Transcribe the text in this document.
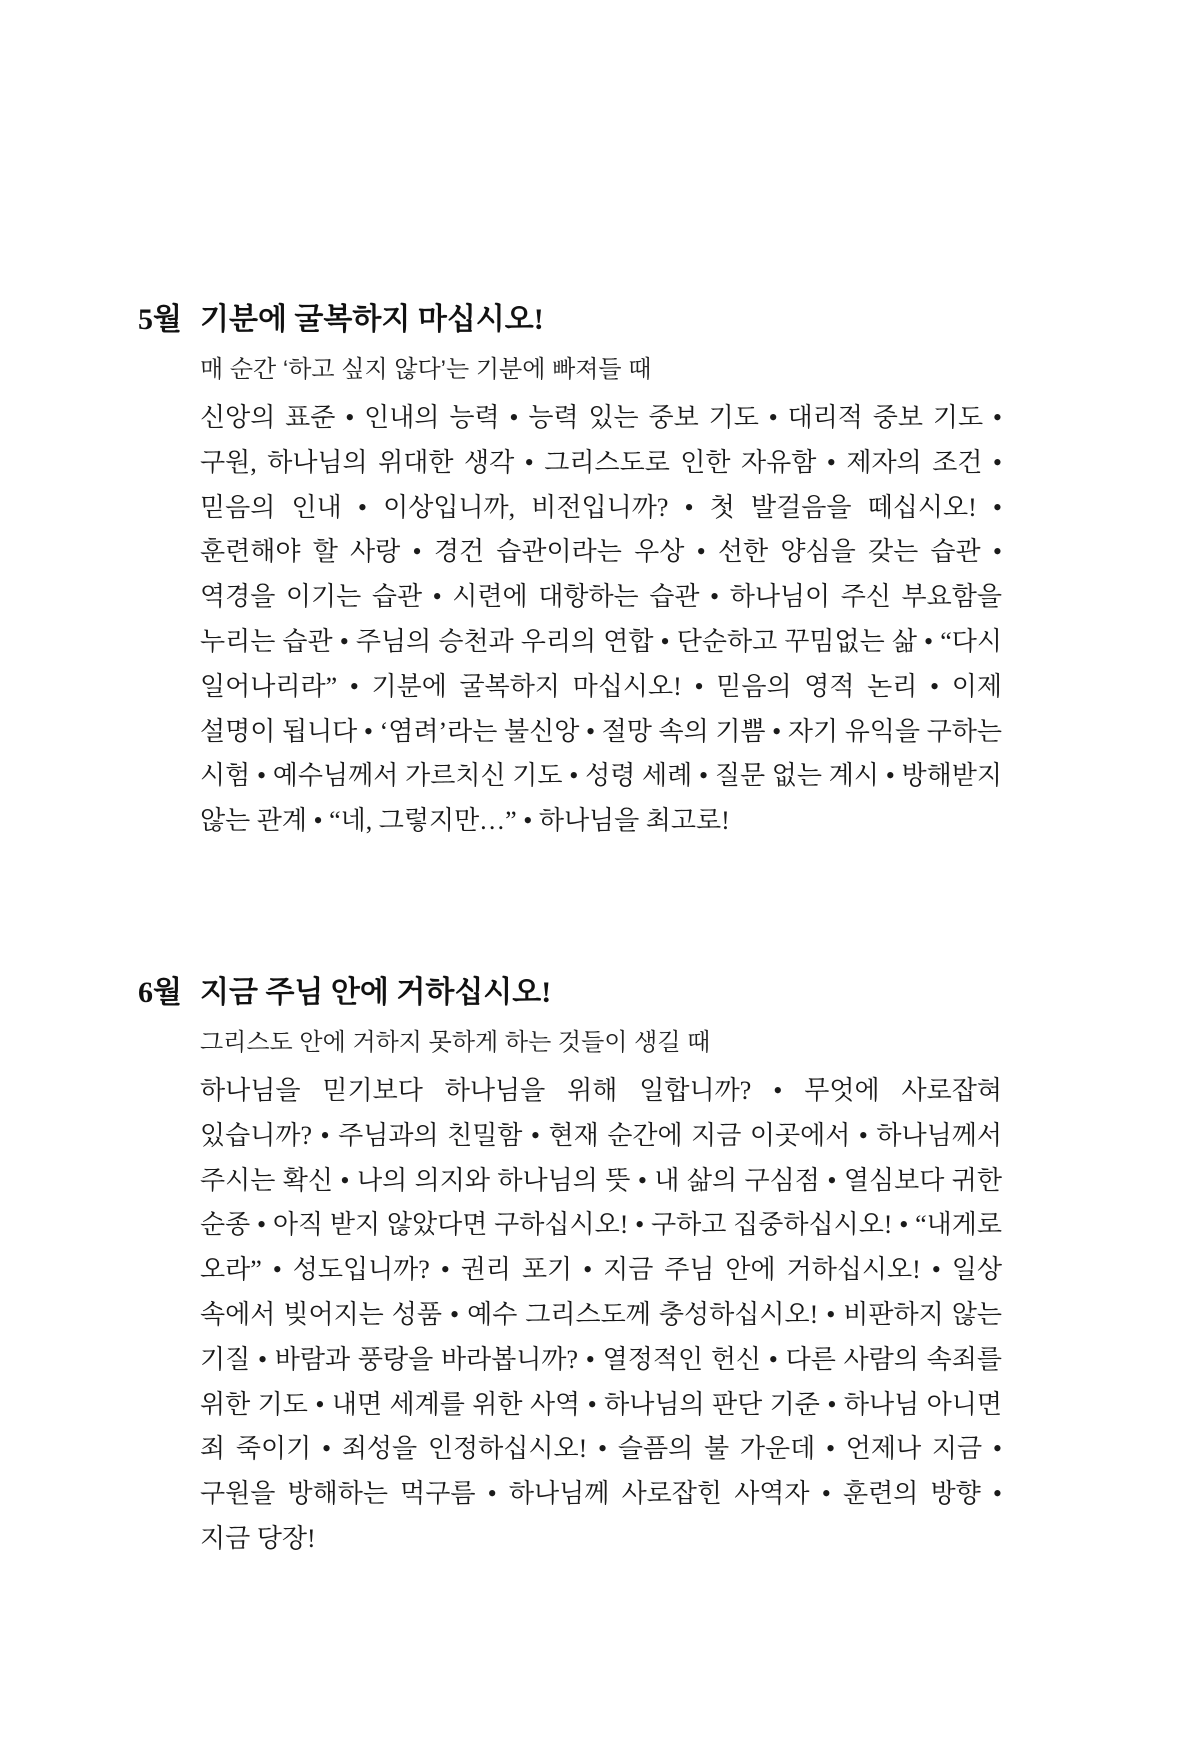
5월 기분에 굴복하지 마십시오!
매 순간 ‘하고 싶지 않다’는 기분에 빠져들 때

신앙의 표준 • 인내의 능력 • 능력 있는 중보 기도 • 대리적 중보 기도 • 구원, 하나님의 위대한 생각 • 그리스도로 인한 자유함 • 제자의 조건 • 믿음의 인내 • 이상입니까, 비전입니까? • 첫 발걸음을 떼십시오! • 훈련해야 할 사랑 • 경건 습관이라는 우상 • 선한 양심을 갖는 습관 • 역경을 이기는 습관 • 시련에 대항하는 습관 • 하나님이 주신 부요함을 누리는 습관 • 주님의 승천과 우리의 연합 • 단순하고 꾸밈없는 삶 • “다시 일어나리라” • 기분에 굴복하지 마십시오! • 믿음의 영적 논리 • 이제 설명이 됩니다 • ‘염려’라는 불신앙 • 절망 속의 기쁨 • 자기 유익을 구하는 시험 • 예수님께서 가르치신 기도 • 성령 세례 • 질문 없는 계시 • 방해받지 않는 관계 • “네, 그렇지만…” • 하나님을 최고로!

6월 지금 주님 안에 거하십시오!
그리스도 안에 거하지 못하게 하는 것들이 생길 때

하나님을 믿기보다 하나님을 위해 일합니까? • 무엇에 사로잡혀 있습니까? • 주님과의 친밀함 • 현재 순간에 지금 이곳에서 • 하나님께서 주시는 확신 • 나의 의지와 하나님의 뜻 • 내 삶의 구심점 • 열심보다 귀한 순종 • 아직 받지 않았다면 구하십시오! • 구하고 집중하십시오! • “내게로 오라” • 성도입니까? • 권리 포기 • 지금 주님 안에 거하십시오! • 일상 속에서 빚어지는 성품 • 예수 그리스도께 충성하십시오! • 비판하지 않는 기질 • 바람과 풍랑을 바라봅니까? • 열정적인 헌신 • 다른 사람의 속죄를 위한 기도 • 내면 세계를 위한 사역 • 하나님의 판단 기준 • 하나님 아니면 죄 죽이기 • 죄성을 인정하십시오! • 슬픔의 불 가운데 • 언제나 지금 • 구원을 방해하는 먹구름 • 하나님께 사로잡힌 사역자 • 훈련의 방향 • 지금 당장!
